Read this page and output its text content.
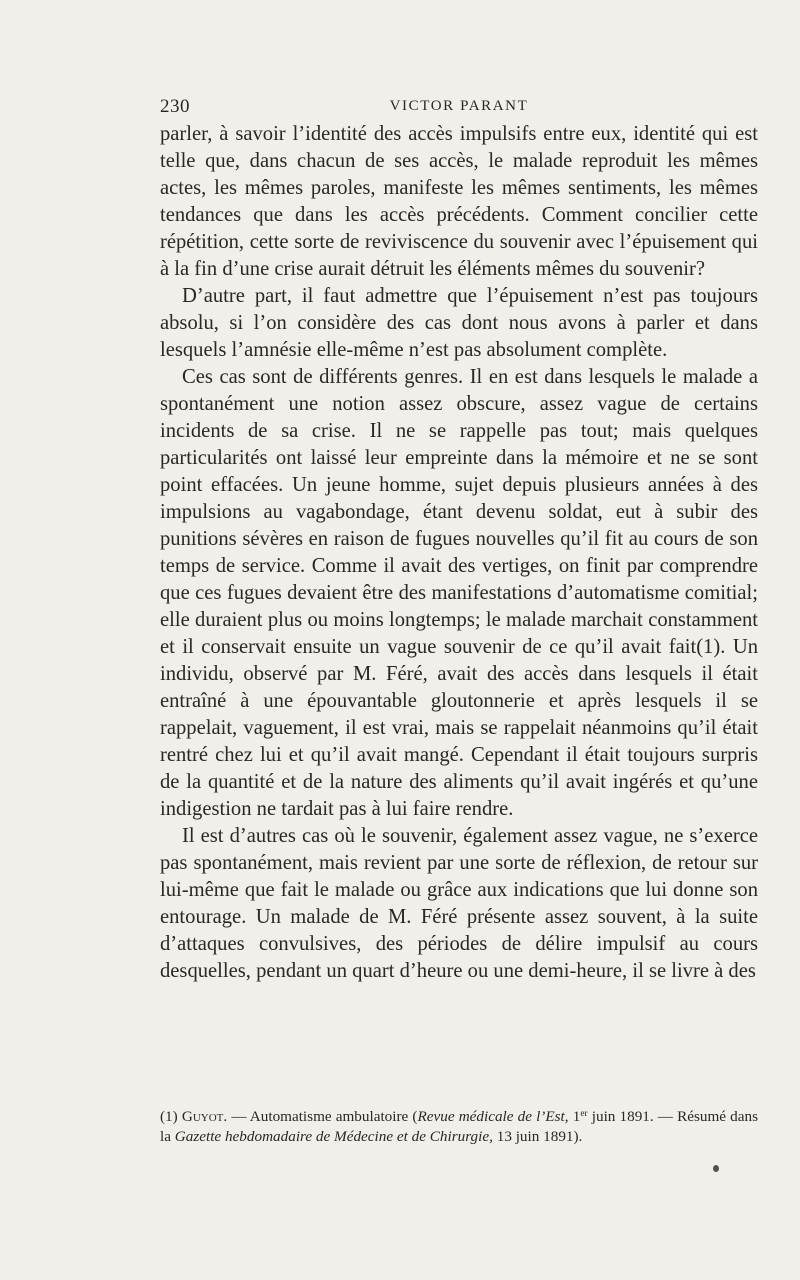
230	VICTOR PARANT

parler, à savoir l’identité des accès impulsifs entre eux, identité qui est telle que, dans chacun de ses accès, le malade reproduit les mêmes actes, les mêmes paroles, manifeste les mêmes sentiments, les mêmes tendances que dans les accès précédents. Comment concilier cette répétition, cette sorte de reviviscence du souvenir avec l’épuisement qui à la fin d’une crise aurait détruit les éléments mêmes du souvenir?

D’autre part, il faut admettre que l’épuisement n’est pas toujours absolu, si l’on considère des cas dont nous avons à parler et dans lesquels l’amnésie elle-même n’est pas absolument complète.

Ces cas sont de différents genres. Il en est dans lesquels le malade a spontanément une notion assez obscure, assez vague de certains incidents de sa crise. Il ne se rappelle pas tout; mais quelques particularités ont laissé leur empreinte dans la mémoire et ne se sont point effacées. Un jeune homme, sujet depuis plusieurs années à des impulsions au vagabondage, étant devenu soldat, eut à subir des punitions sévères en raison de fugues nouvelles qu’il fit au cours de son temps de service. Comme il avait des vertiges, on finit par comprendre que ces fugues devaient être des manifestations d’automatisme comitial; elle duraient plus ou moins longtemps; le malade marchait constamment et il conservait ensuite un vague souvenir de ce qu’il avait fait(1). Un individu, observé par M. Féré, avait des accès dans lesquels il était entraîné à une épouvantable gloutonnerie et après lesquels il se rappelait, vaguement, il est vrai, mais se rappelait néanmoins qu’il était rentré chez lui et qu’il avait mangé. Cependant il était toujours surpris de la quantité et de la nature des aliments qu’il avait ingérés et qu’une indigestion ne tardait pas à lui faire rendre.

Il est d’autres cas où le souvenir, également assez vague, ne s’exerce pas spontanément, mais revient par une sorte de réflexion, de retour sur lui-même que fait le malade ou grâce aux indications que lui donne son entourage. Un malade de M. Féré présente assez souvent, à la suite d’attaques convulsives, des périodes de délire impulsif au cours desquelles, pendant un quart d’heure ou une demi-heure, il se livre à des

(1) Guyot. — Automatisme ambulatoire (Revue médicale de l’Est, 1er juin 1891. — Résumé dans la Gazette hebdomadaire de Médecine et de Chirurgie, 13 juin 1891).
